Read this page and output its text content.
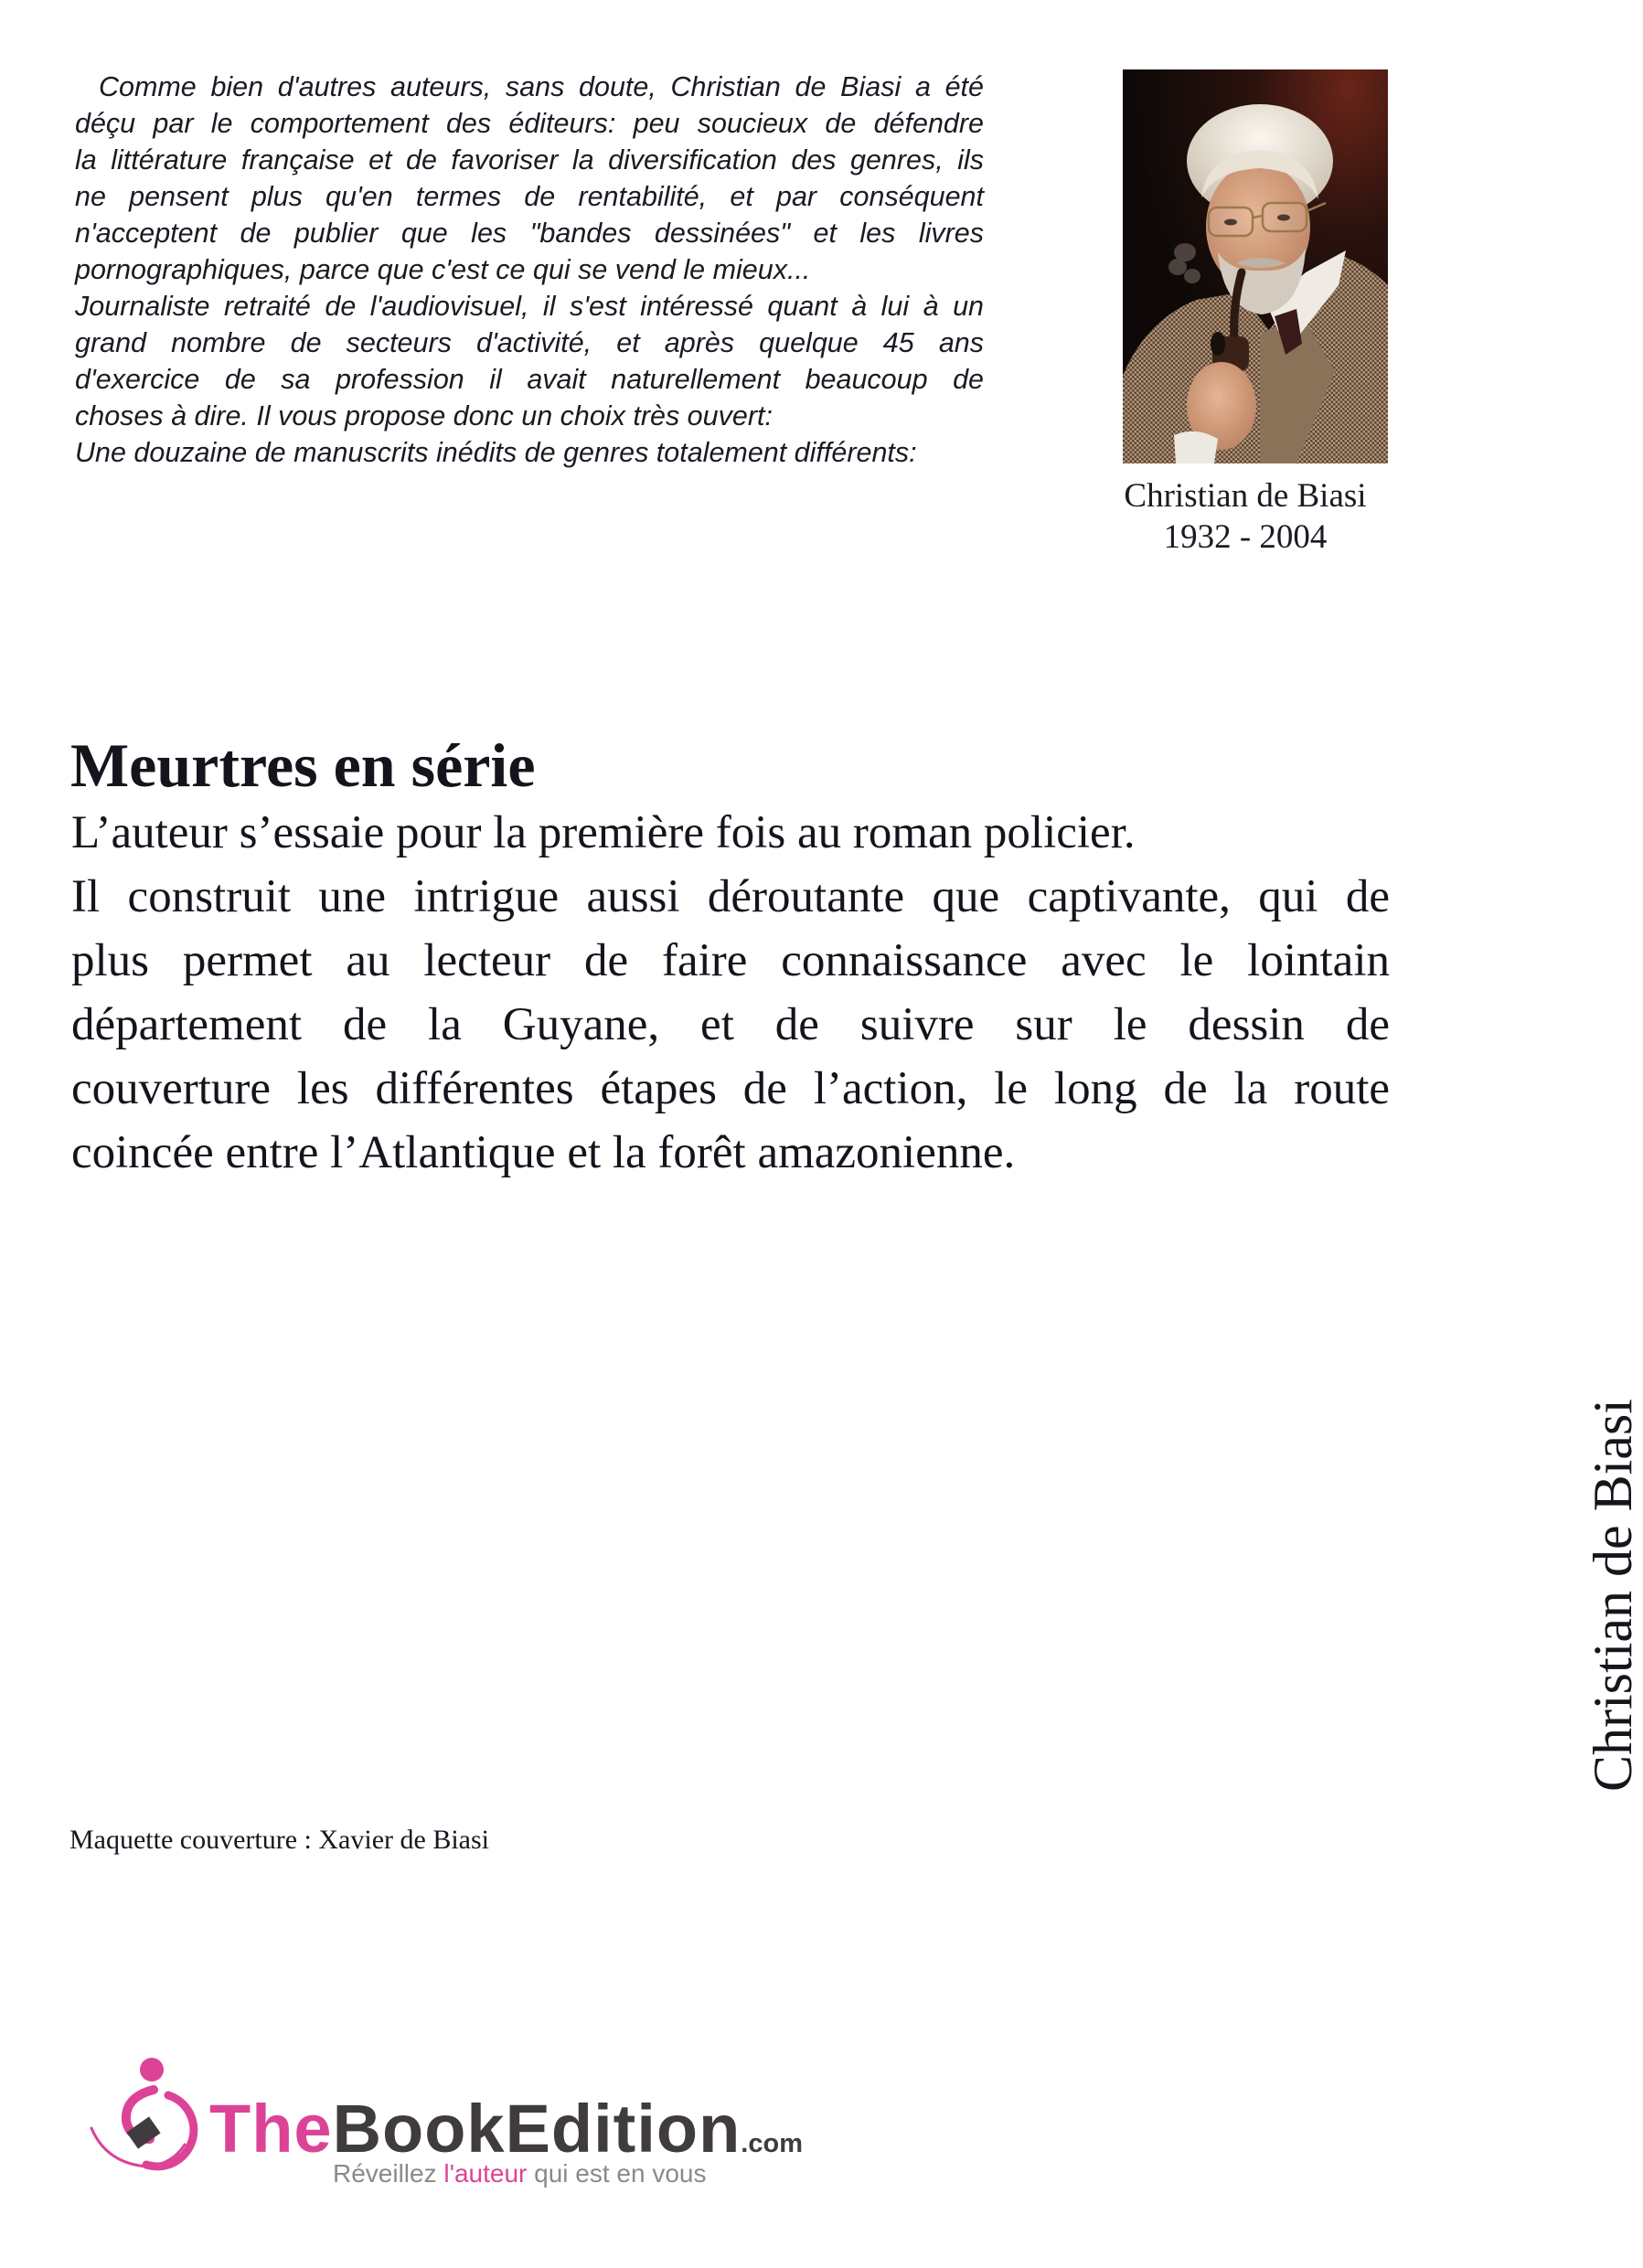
Comme bien d'autres auteurs, sans doute, Christian de Biasi a été
déçu par le comportement des éditeurs: peu soucieux de défendre
la littérature française et de favoriser la diversification des genres, ils
ne pensent plus qu'en termes de rentabilité, et par conséquent
n'acceptent de publier que les "bandes dessinées" et les livres
pornographiques, parce que c'est ce qui se vend le mieux...
Journaliste retraité de l'audiovisuel, il s'est intéressé quant à lui à un
grand nombre de secteurs d'activité, et après quelque 45 ans
d'exercice de sa profession il avait naturellement beaucoup de
choses à dire. Il vous propose donc un choix très ouvert:
Une douzaine de manuscrits inédits de genres totalement différents:
Christian de Biasi
1932 - 2004
Meurtres en série
L’auteur s’essaie pour la première fois au roman policier.
Il construit une intrigue aussi déroutante que captivante, qui de
plus permet au lecteur de faire connaissance avec le lointain
département de la Guyane, et de suivre sur le dessin de
couverture les différentes étapes de l’action, le long de la route
coincée entre l’Atlantique et la forêt amazonienne.
Maquette couverture : Xavier de Biasi
Christian de Biasi
TheBookEdition.com
Réveillez l'auteur qui est en vous
